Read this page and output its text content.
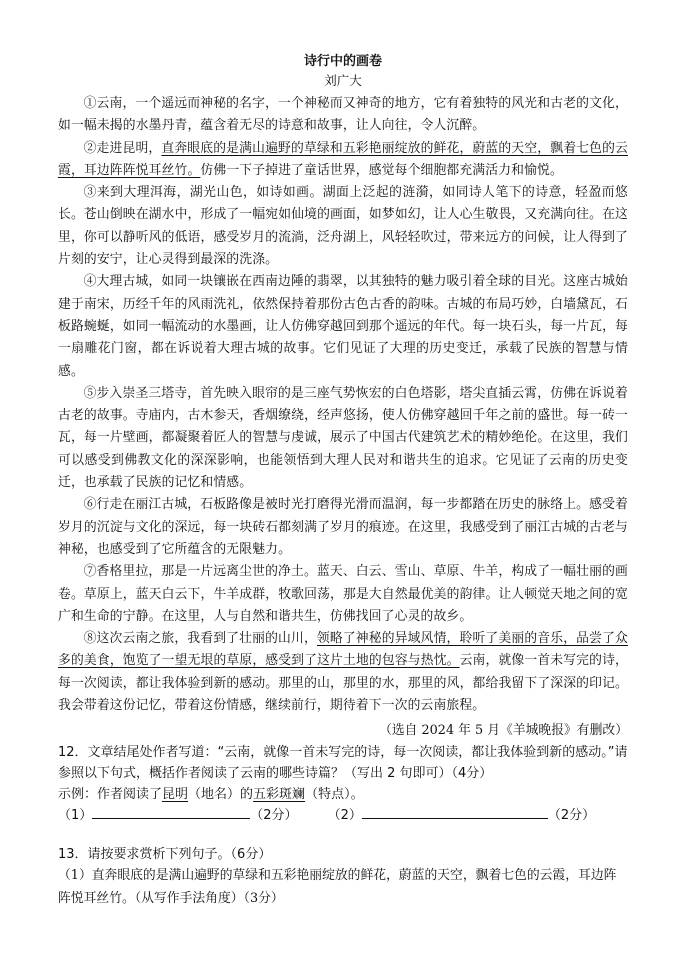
诗行中的画卷

刘广大

①云南，一个遥远而神秘的名字，一个神秘而又神奇的地方，它有着独特的风光和古老的文化，如一幅未揭的水墨丹青，蕴含着无尽的诗意和故事，让人向往，令人沉醉。

②走进昆明，直奔眼底的是满山遍野的草绿和五彩艳丽绽放的鲜花，蔚蓝的天空，飘着七色的云霞，耳边阵阵悦耳丝竹。仿佛一下子掉进了童话世界，感觉每个细胞都充满活力和愉悦。

③来到大理洱海，湖光山色，如诗如画。湖面上泛起的涟漪，如同诗人笔下的诗意，轻盈而悠长。苍山倒映在湖水中，形成了一幅宛如仙境的画面，如梦如幻，让人心生敬畏，又充满向往。在这里，你可以静听风的低语，感受岁月的流淌，泛舟湖上，风轻轻吹过，带来远方的问候，让人得到了片刻的安宁，让心灵得到最深的洗涤。

④大理古城，如同一块镶嵌在西南边陲的翡翠，以其独特的魅力吸引着全球的目光。这座古城始建于南宋，历经千年的风雨洗礼，依然保持着那份古色古香的韵味。古城的布局巧妙，白墙黛瓦，石板路蜿蜒，如同一幅流动的水墨画，让人仿佛穿越回到那个遥远的年代。每一块石头，每一片瓦，每一扇雕花门窗，都在诉说着大理古城的故事。它们见证了大理的历史变迁，承载了民族的智慧与情感。

⑤步入崇圣三塔寺，首先映入眼帘的是三座气势恢宏的白色塔影，塔尖直插云霄，仿佛在诉说着古老的故事。寺庙内，古木参天，香烟缭绕，经声悠扬，使人仿佛穿越回千年之前的盛世。每一砖一瓦，每一片壁画，都凝聚着匠人的智慧与虔诚，展示了中国古代建筑艺术的精妙绝伦。在这里，我们可以感受到佛教文化的深深影响，也能领悟到大理人民对和谐共生的追求。它见证了云南的历史变迁，也承载了民族的记忆和情感。

⑥行走在丽江古城，石板路像是被时光打磨得光滑而温润，每一步都踏在历史的脉络上。感受着岁月的沉淀与文化的深远，每一块砖石都刻满了岁月的痕迹。在这里，我感受到了丽江古城的古老与神秘，也感受到了它所蕴含的无限魅力。

⑦香格里拉，那是一片远离尘世的净土。蓝天、白云、雪山、草原、牛羊，构成了一幅壮丽的画卷。草原上，蓝天白云下，牛羊成群，牧歌回荡，那是大自然最优美的韵律。让人顿觉天地之间的宽广和生命的宁静。在这里，人与自然和谐共生，仿佛找回了心灵的故乡。

⑧这次云南之旅，我看到了壮丽的山川，领略了神秘的异域风情，聆听了美丽的音乐，品尝了众多的美食，饱览了一望无垠的草原，感受到了这片土地的包容与热忱。云南，就像一首未写完的诗，每一次阅读，都让我体验到新的感动。那里的山，那里的水，那里的风，都给我留下了深深的印记。我会带着这份记忆，带着这份情感，继续前行，期待着下一次的云南旅程。

（选自 2024 年 5 月《羊城晚报》有删改）

12．文章结尾处作者写道：“云南，就像一首未写完的诗，每一次阅读，都让我体验到新的感动。”请参照以下句式，概括作者阅读了云南的哪些诗篇？（写出 2 句即可）（4分）

示例：作者阅读了昆明（地名）的五彩斑斓（特点）。

（1）	（2分） （2）	（2分）

13．请按要求赏析下列句子。（6分）

（1）直奔眼底的是满山遍野的草绿和五彩艳丽绽放的鲜花，蔚蓝的天空，飘着七色的云霞，耳边阵阵悦耳丝竹。（从写作手法角度）（3分）
